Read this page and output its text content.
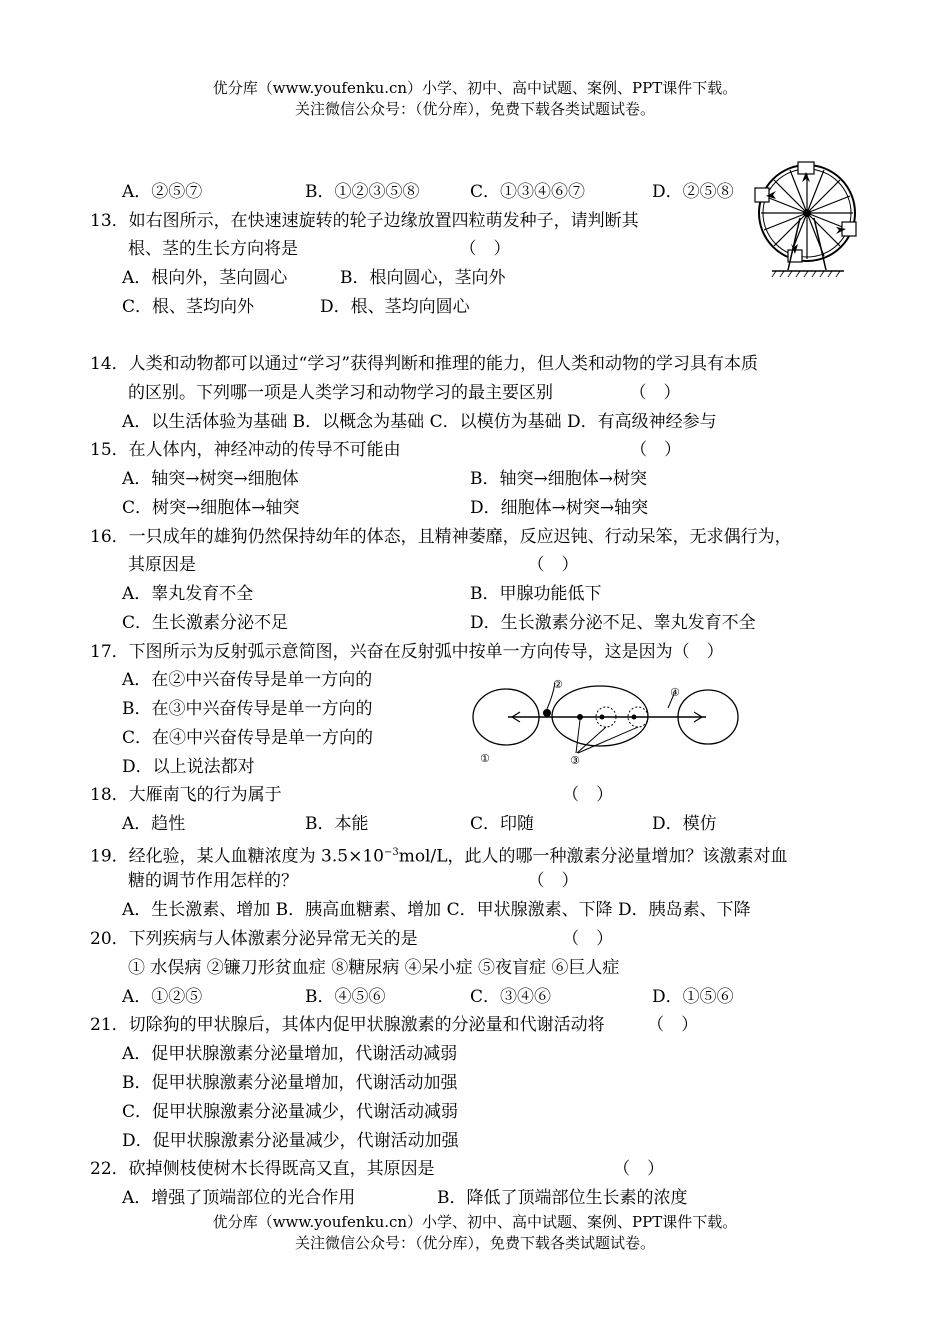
优分库（www.youfenku.cn）小学、初中、高中试题、案例、PPT课件下载。
关注微信公众号：（优分库），免费下载各类试题试卷。
A．②⑤⑦	B．①②③⑤⑧	C．①③④⑥⑦	D．②⑤⑧
13．如右图所示，在快速速旋转的轮子边缘放置四粒萌发种子，请判断其
根、茎的生长方向将是　　　　　　　　　　（　）
A．根向外，茎向圆心	B．根向圆心，茎向外
C．根、茎均向外	D．根、茎均向圆心
14．人类和动物都可以通过“学习”获得判断和推理的能力，但人类和动物的学习具有本质
的区别。下列哪一项是人类学习和动物学习的最主要区别　　　　　（　）
A．以生活体验为基础 B．以概念为基础 C．以模仿为基础 D．有高级神经参与
15．在人体内，神经冲动的传导不可能由　　　　　　　　　　　　　　（　）
A．轴突→树突→细胞体	B．轴突→细胞体→树突
C．树突→细胞体→轴突	D．细胞体→树突→轴突
16．一只成年的雄狗仍然保持幼年的体态，且精神萎靡，反应迟钝、行动呆笨，无求偶行为，
其原因是　　　　　　　　　　　　　　　　　　　　（　）
A．睾丸发育不全	B．甲腺功能低下
C．生长激素分泌不足	D．生长激素分泌不足、睾丸发育不全
17．下图所示为反射弧示意简图，兴奋在反射弧中按单一方向传导，这是因为（　）
A．在②中兴奋传导是单一方向的
B．在③中兴奋传导是单一方向的
C．在④中兴奋传导是单一方向的
D．以上说法都对
②
④
①	③
18．大雁南飞的行为属于　　　　　　　　　　　　　　　　　（　）
A．趋性	B．本能	C．印随	D．模仿
19．经化验，某人血糖浓度为 $3.5\times 10^{-3}mol/L$，此人的哪一种激素分泌量增加？该激素对血
糖的调节作用怎样的？　　　　　　　　　　　　　　（　）
A．生长激素、增加 B．胰高血糖素、增加 C．甲状腺激素、下降 D．胰岛素、下降
20．下列疾病与人体激素分泌异常无关的是　　　　　　　　　（　）
① 水俣病 ②镰刀形贫血症 ⑧糖尿病 ④呆小症 ⑤夜盲症 ⑥巨人症
A．①②⑤	B．④⑤⑥	C．③④⑥	D．①⑤⑥
21．切除狗的甲状腺后，其体内促甲状腺激素的分泌量和代谢活动将　　　（　）
A．促甲状腺激素分泌量增加，代谢活动减弱
B．促甲状腺激素分泌量增加，代谢活动加强
C．促甲状腺激素分泌量减少，代谢活动减弱
D．促甲状腺激素分泌量减少，代谢活动加强
22．砍掉侧枝使树木长得既高又直，其原因是　　　　　　　　　　　（　）
A．增强了顶端部位的光合作用	B．降低了顶端部位生长素的浓度
优分库（www.youfenku.cn）小学、初中、高中试题、案例、PPT课件下载。
关注微信公众号：（优分库），免费下载各类试题试卷。
